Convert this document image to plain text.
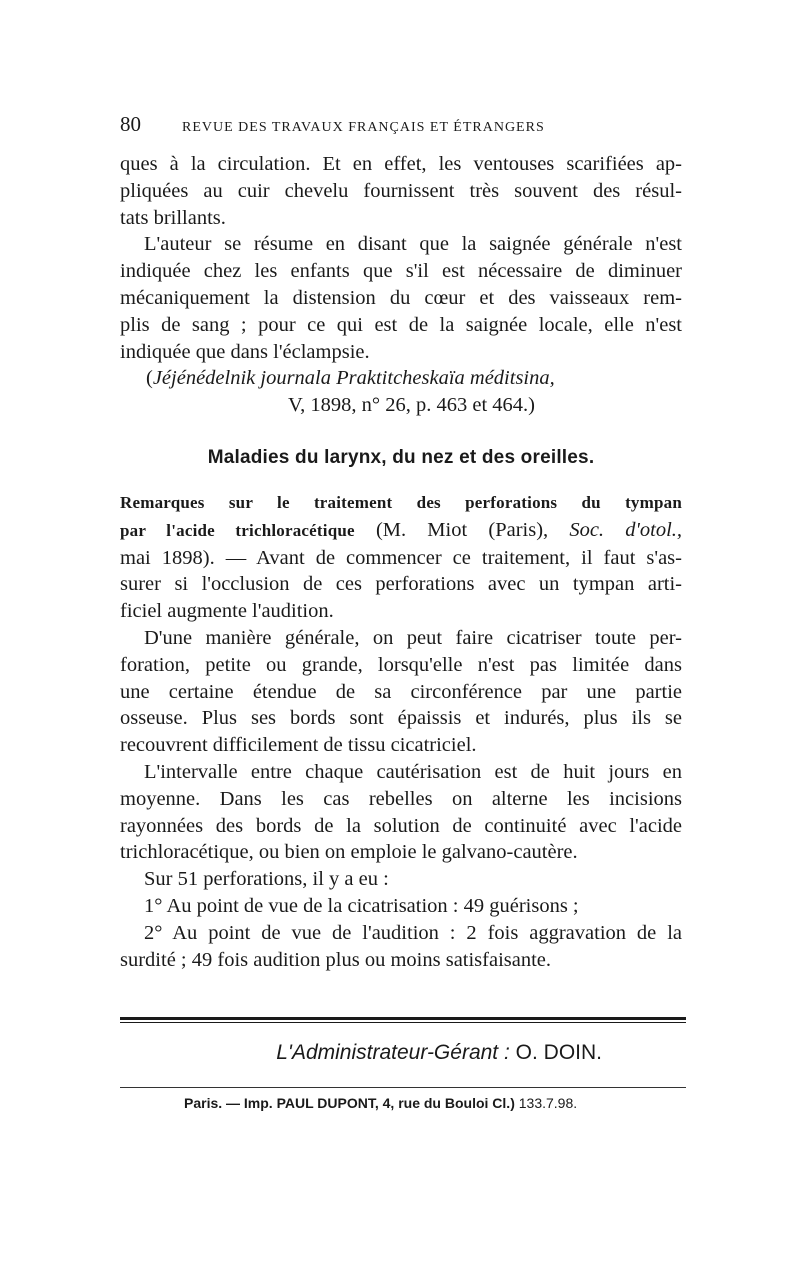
80	REVUE DES TRAVAUX FRANÇAIS ET ÉTRANGERS

ques à la circulation. Et en effet, les ventouses scarifiées ap-
pliquées au cuir chevelu fournissent très souvent des résul-
tats brillants.

L'auteur se résume en disant que la saignée générale n'est
indiquée chez les enfants que s'il est nécessaire de diminuer
mécaniquement la distension du cœur et des vaisseaux rem-
plis de sang ; pour ce qui est de la saignée locale, elle n'est
indiquée que dans l'éclampsie.

(Jéjénédelnik journala Praktitcheskaïa méditsina,
V, 1898, n° 26, p. 463 et 464.)
Maladies du larynx, du nez et des oreilles.

Remarques sur le traitement des perforations du tympan
par l'acide trichloracétique (M. Miot (Paris), Soc. d'otol.,
mai 1898). — Avant de commencer ce traitement, il faut s'as-
surer si l'occlusion de ces perforations avec un tympan arti-
ficiel augmente l'audition.

D'une manière générale, on peut faire cicatriser toute per-
foration, petite ou grande, lorsqu'elle n'est pas limitée dans
une certaine étendue de sa circonférence par une partie
osseuse. Plus ses bords sont épaissis et indurés, plus ils se
recouvrent difficilement de tissu cicatriciel.

L'intervalle entre chaque cautérisation est de huit jours en
moyenne. Dans les cas rebelles on alterne les incisions
rayonnées des bords de la solution de continuité avec l'acide
trichloracétique, ou bien on emploie le galvano-cautère.

Sur 51 perforations, il y a eu :

1° Au point de vue de la cicatrisation : 49 guérisons ;

2° Au point de vue de l'audition : 2 fois aggravation de la
surdité ; 49 fois audition plus ou moins satisfaisante.

L'Administrateur-Gérant : O. DOIN.
Paris. — Imp. PAUL DUPONT, 4, rue du Bouloi Cl.) 133.7.98.
